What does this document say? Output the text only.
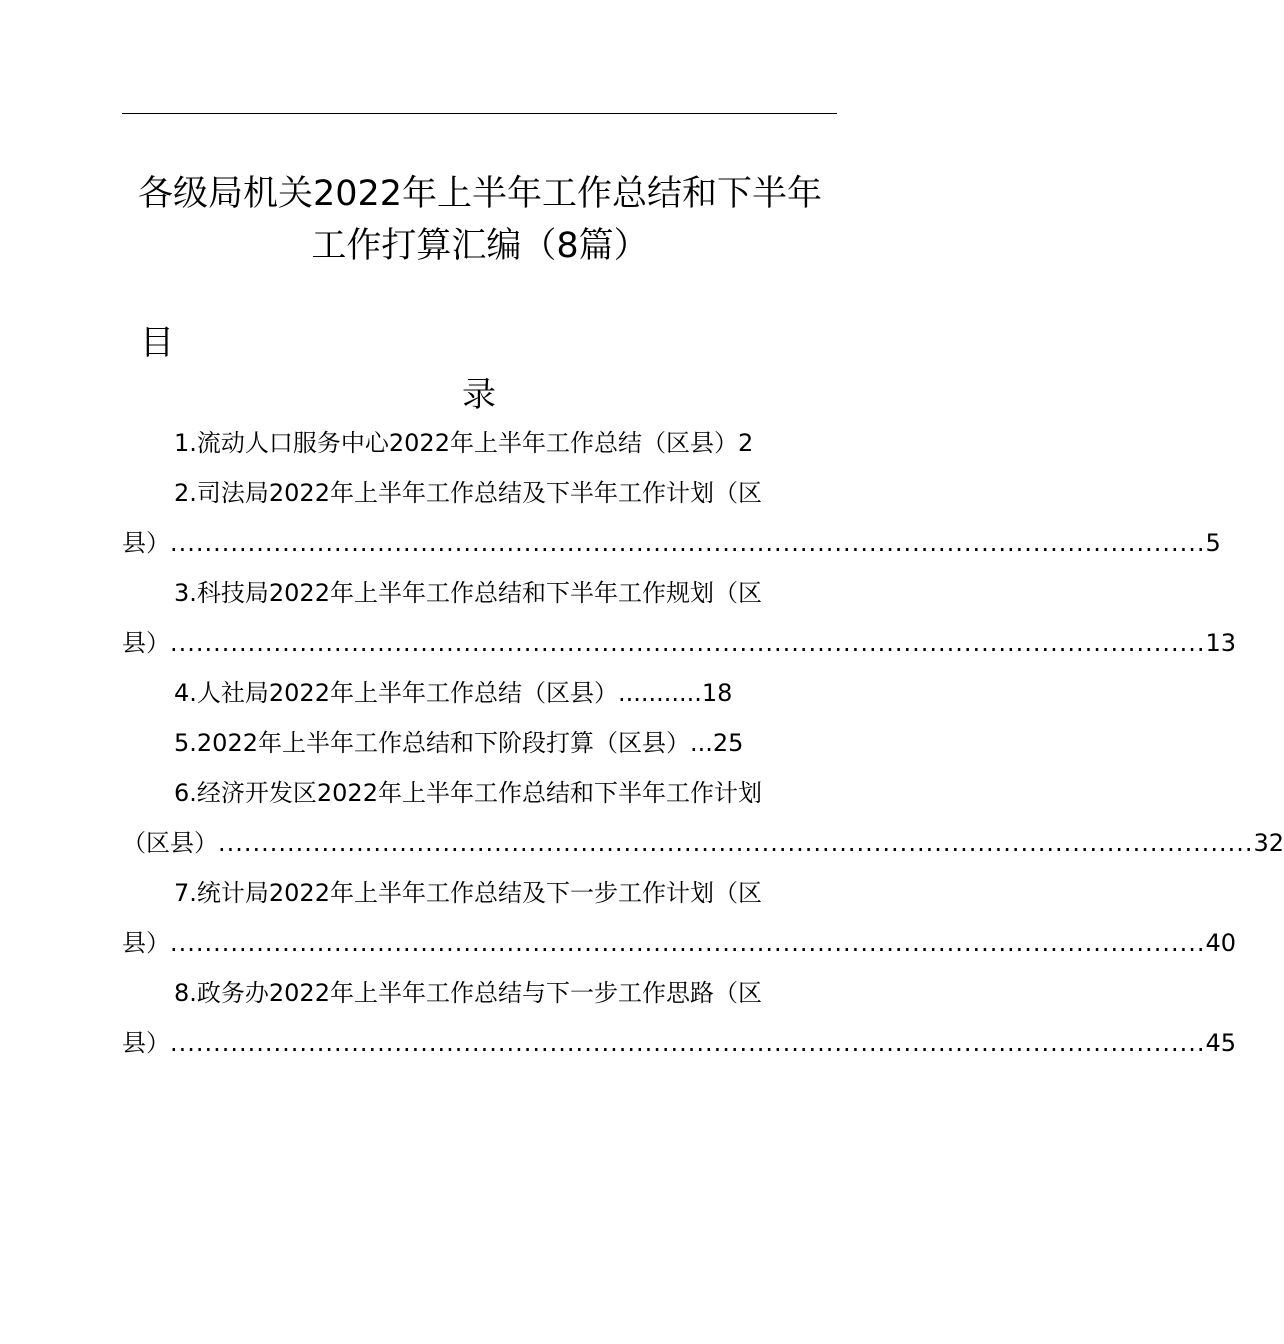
各级局机关2022年上半年工作总结和下半年
工作打算汇编（8篇）
目
录
1.流动人口服务中心2022年上半年工作总结（区县）2
2.司法局2022年上半年工作总结及下半年工作计划（区
县） ........................................................................................................................ 5
3.科技局2022年上半年工作总结和下半年工作规划（区
县） ........................................................................................................................ 13
4.人社局2022年上半年工作总结（区县）...........18
5.2022年上半年工作总结和下阶段打算（区县）...25
6.经济开发区2022年上半年工作总结和下半年工作计划
（区县） ........................................................................................................................ 32
7.统计局2022年上半年工作总结及下一步工作计划（区
县） ........................................................................................................................ 40
8.政务办2022年上半年工作总结与下一步工作思路（区
县） ........................................................................................................................ 45
